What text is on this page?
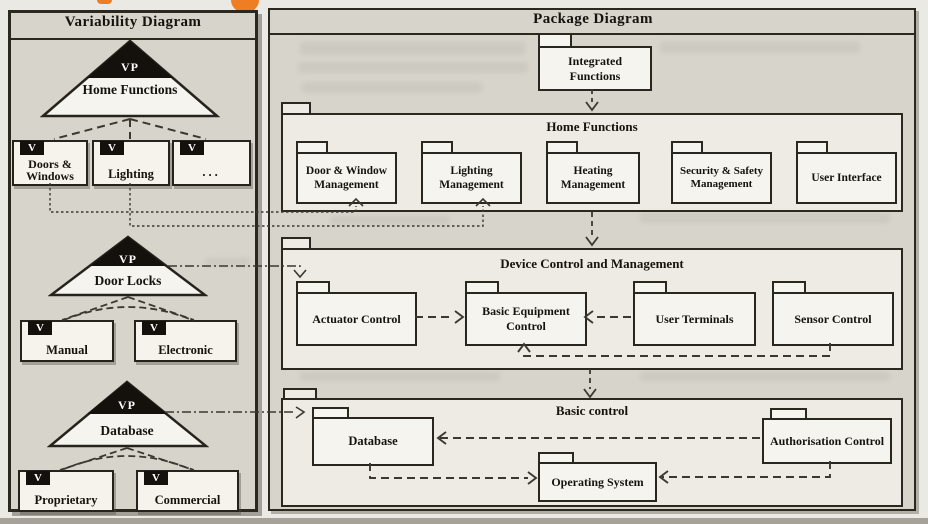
Variability Diagram
VP
Home Functions
V
Doors & Windows
V
Lighting
V
...
VP
Door Locks
V
Manual
V
Electronic
VP
Database
V
Proprietary
V
Commercial
Package Diagram
Integrated Functions
Home Functions
Door & Window Management
Lighting Management
Heating Management
Security & Safety Management
User Interface
Device Control and Management
Actuator Control
Basic Equipment Control
User Terminals	Sensor Control
Basic control
Database
Operating System
Authorisation Control
